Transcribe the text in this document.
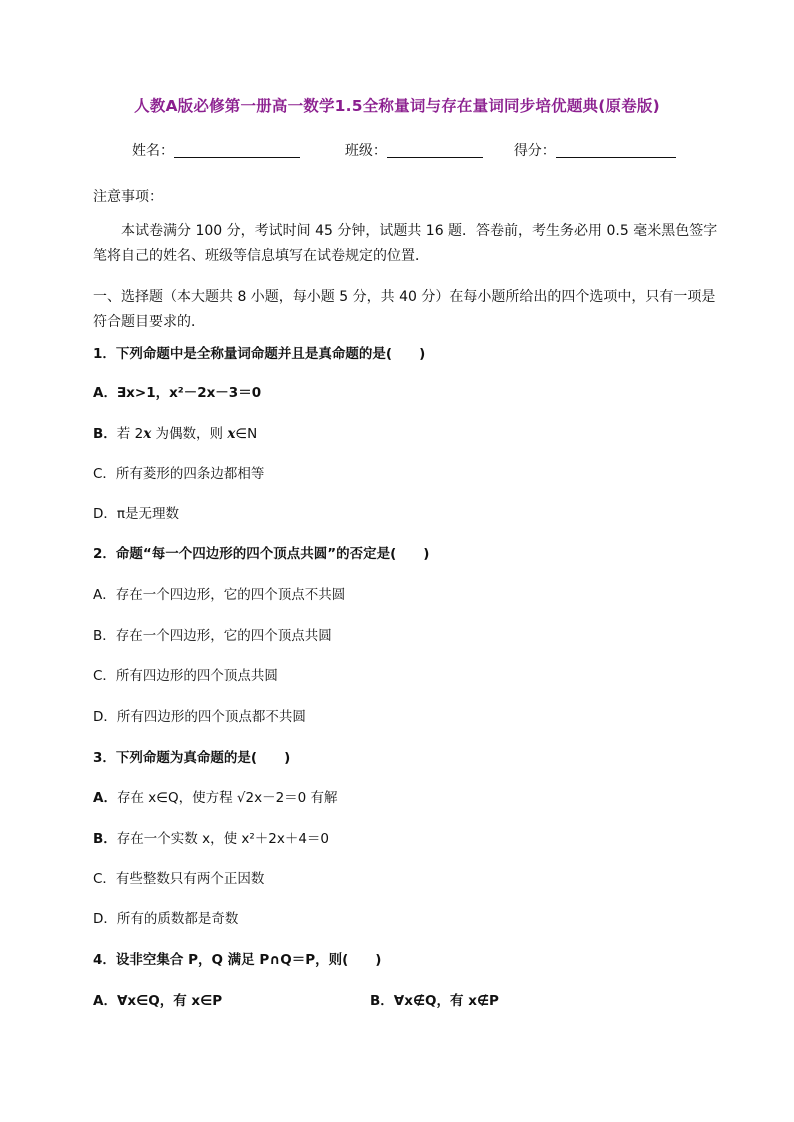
人教A版必修第一册高一数学1.5全称量词与存在量词同步培优题典(原卷版)
姓名：	班级：	得分：
注意事项：
本试卷满分 100 分，考试时间 45 分钟，试题共 16 题．答卷前，考生务必用 0.5 毫米黑色签字
笔将自己的姓名、班级等信息填写在试卷规定的位置．
一、选择题（本大题共 8 小题，每小题 5 分，共 40 分）在每小题所给出的四个选项中，只有一项是
符合题目要求的．
1．下列命题中是全称量词命题并且是真命题的是(　　)
A．∃x>1，x²－2x－3＝0
B．若 2x 为偶数，则 x∈N
C．所有菱形的四条边都相等
D．π是无理数
2．命题“每一个四边形的四个顶点共圆”的否定是(　　)
A．存在一个四边形，它的四个顶点不共圆
B．存在一个四边形，它的四个顶点共圆
C．所有四边形的四个顶点共圆
D．所有四边形的四个顶点都不共圆
3．下列命题为真命题的是(　　)
A．存在 x∈Q，使方程 √2x－2＝0 有解
B．存在一个实数 x，使 x²＋2x＋4＝0
C．有些整数只有两个正因数
D．所有的质数都是奇数
4．设非空集合 P，Q 满足 P∩Q＝P，则(　　)
A．∀x∈Q，有 x∈P	B．∀x∉Q，有 x∉P
